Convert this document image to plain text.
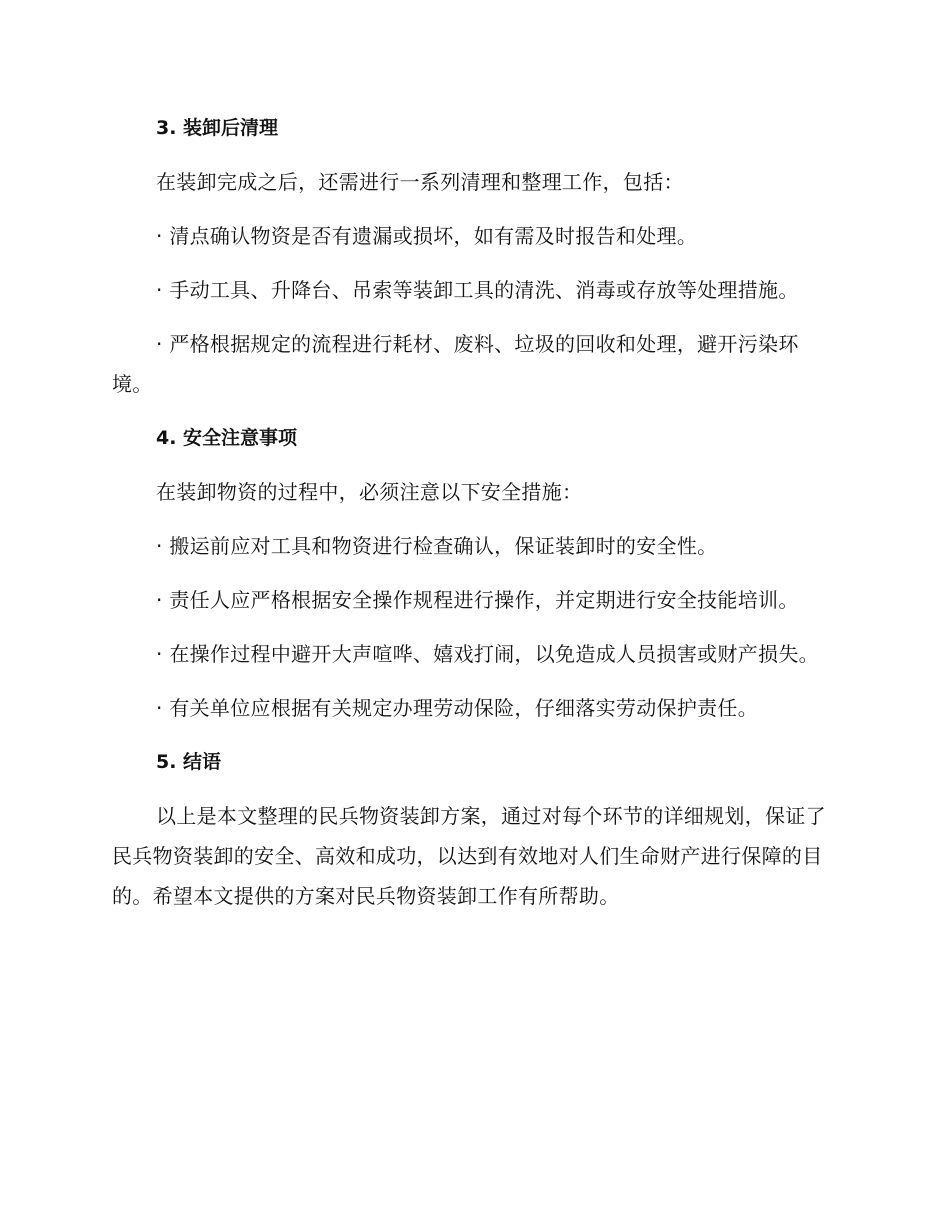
3. 装卸后清理

在装卸完成之后，还需进行一系列清理和整理工作，包括：

· 清点确认物资是否有遗漏或损坏，如有需及时报告和处理。

· 手动工具、升降台、吊索等装卸工具的清洗、消毒或存放等处理措施。

· 严格根据规定的流程进行耗材、废料、垃圾的回收和处理，避开污染环境。

4. 安全注意事项

在装卸物资的过程中，必须注意以下安全措施：

· 搬运前应对工具和物资进行检查确认，保证装卸时的安全性。

· 责任人应严格根据安全操作规程进行操作，并定期进行安全技能培训。

· 在操作过程中避开大声喧哗、嬉戏打闹，以免造成人员损害或财产损失。

· 有关单位应根据有关规定办理劳动保险，仔细落实劳动保护责任。

5. 结语

以上是本文整理的民兵物资装卸方案，通过对每个环节的详细规划，保证了民兵物资装卸的安全、高效和成功，以达到有效地对人们生命财产进行保障的目的。希望本文提供的方案对民兵物资装卸工作有所帮助。
